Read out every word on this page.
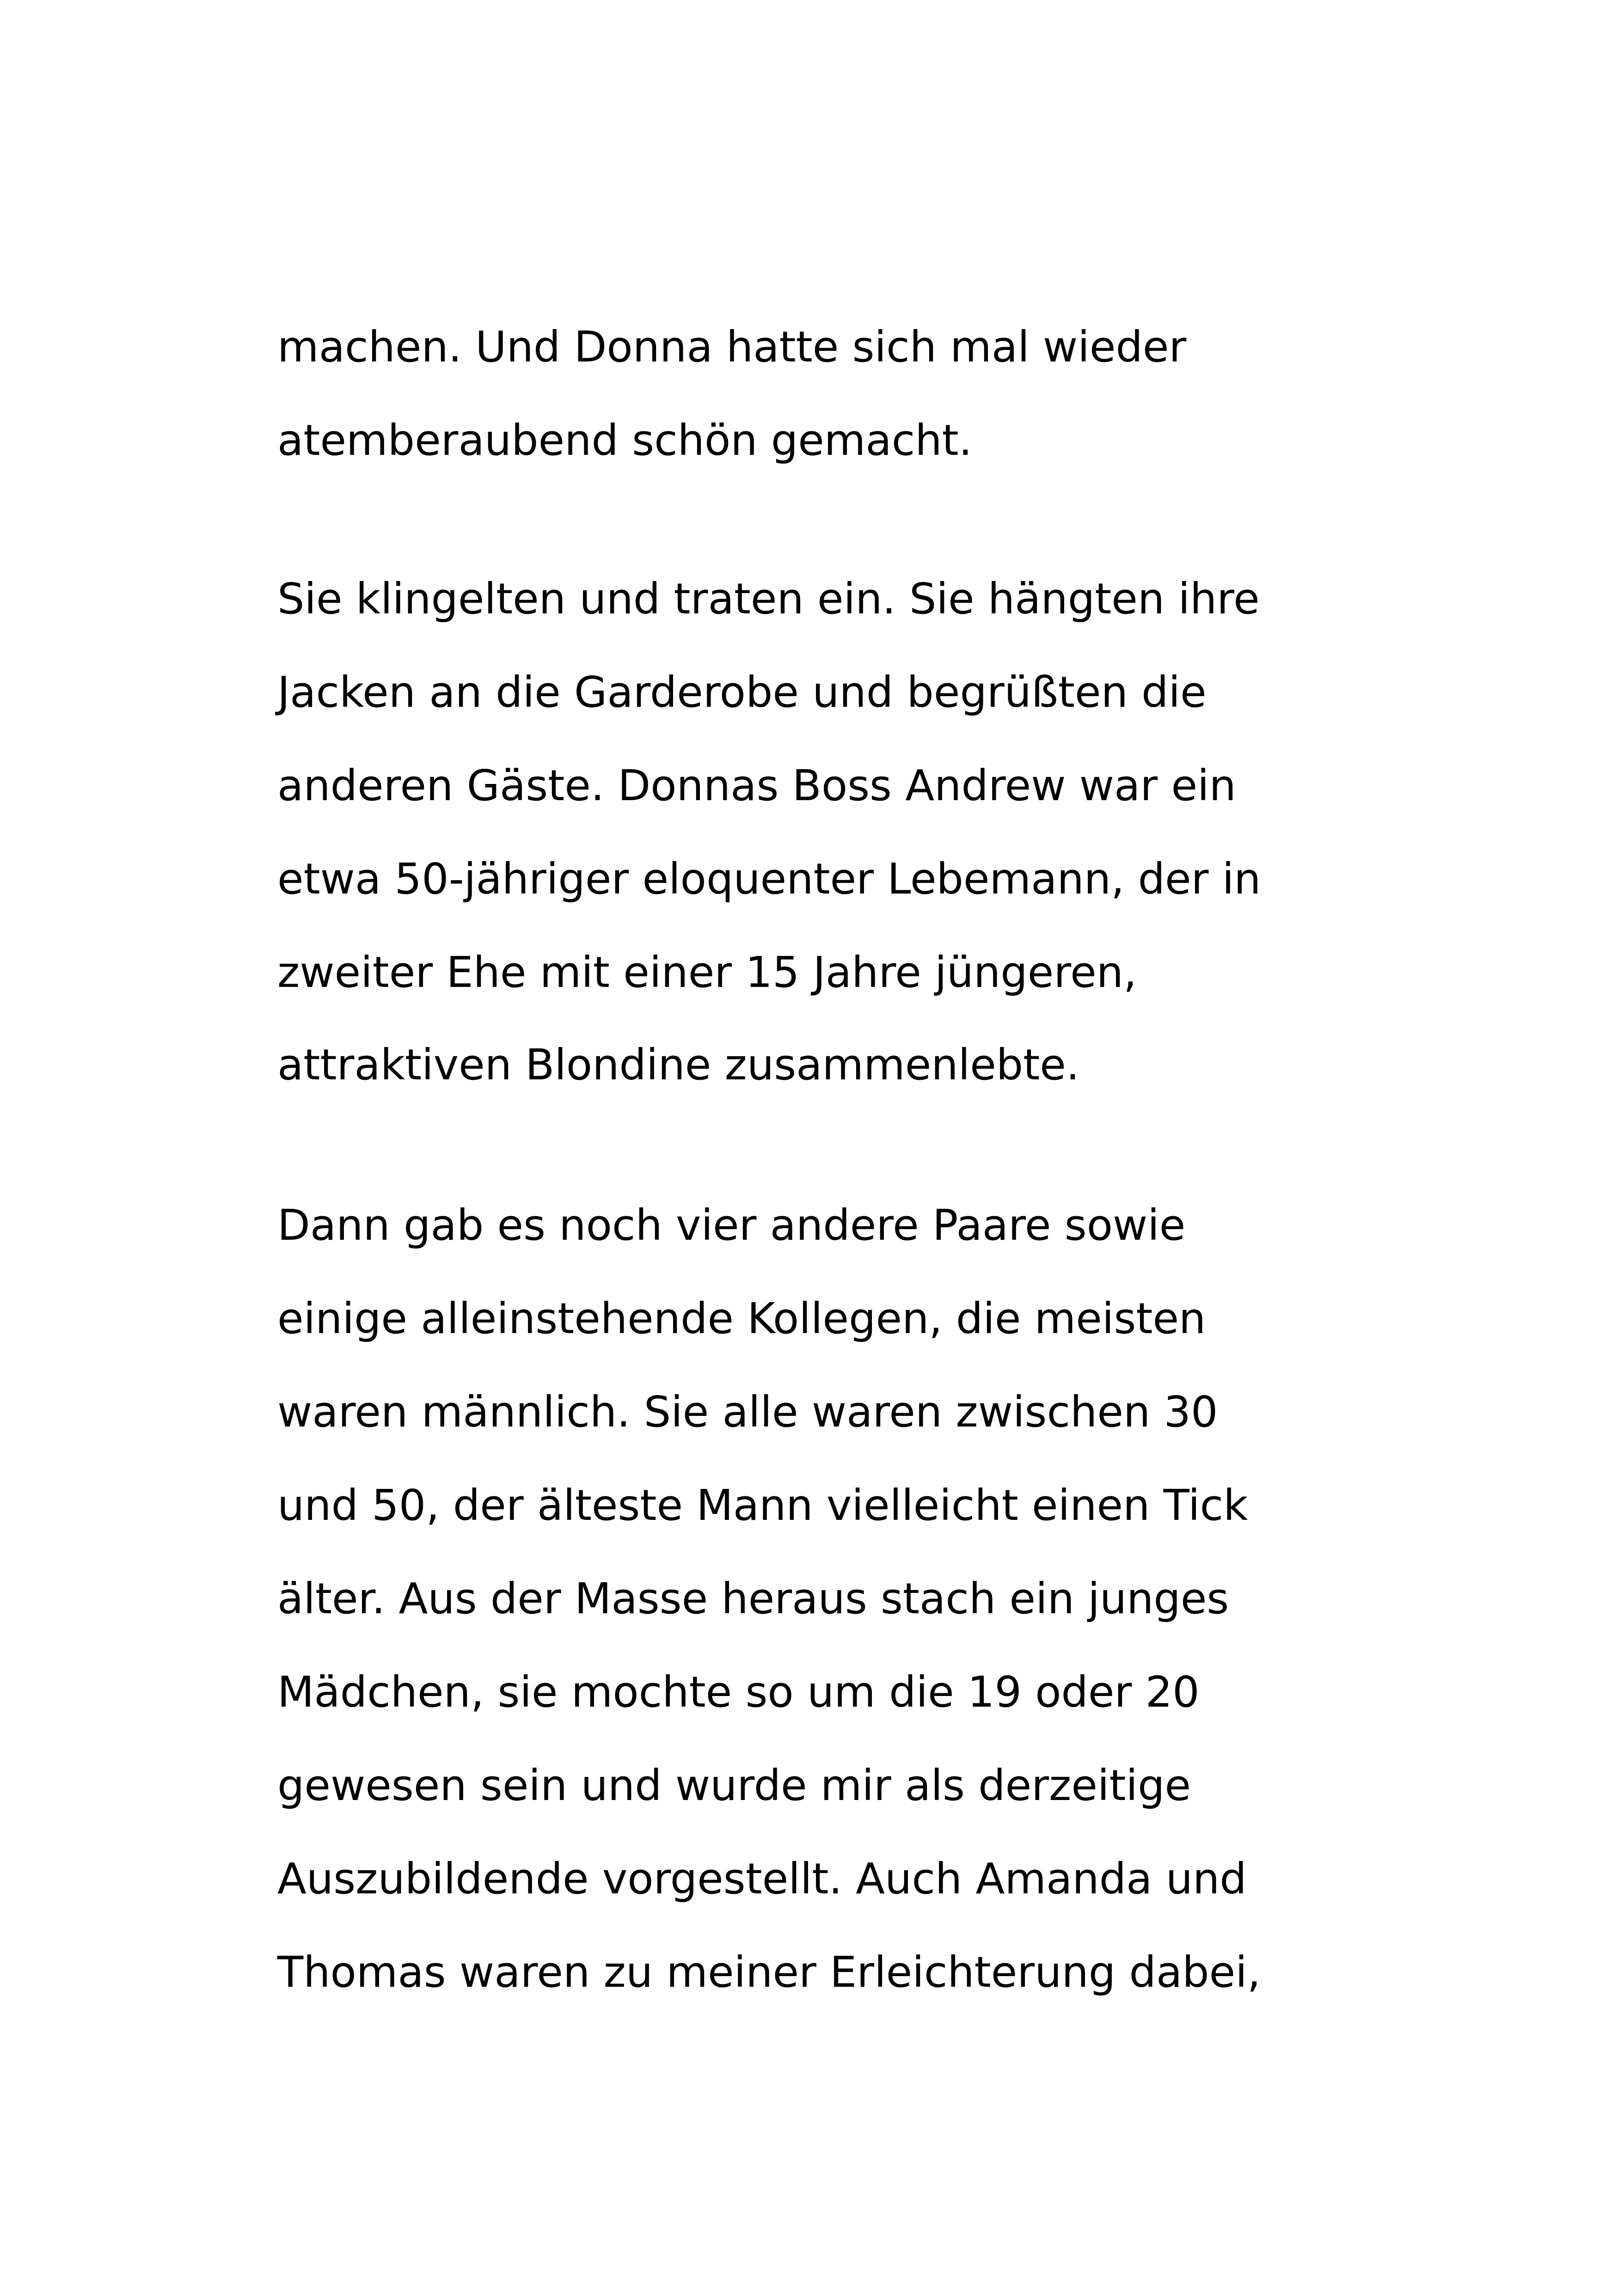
machen. Und Donna hatte sich mal wieder
atemberaubend schön gemacht.
Sie klingelten und traten ein. Sie hängten ihre
Jacken an die Garderobe und begrüßten die
anderen Gäste. Donnas Boss Andrew war ein
etwa 50-jähriger eloquenter Lebemann, der in
zweiter Ehe mit einer 15 Jahre jüngeren,
attraktiven Blondine zusammenlebte.
Dann gab es noch vier andere Paare sowie
einige alleinstehende Kollegen, die meisten
waren männlich. Sie alle waren zwischen 30
und 50, der älteste Mann vielleicht einen Tick
älter. Aus der Masse heraus stach ein junges
Mädchen, sie mochte so um die 19 oder 20
gewesen sein und wurde mir als derzeitige
Auszubildende vorgestellt. Auch Amanda und
Thomas waren zu meiner Erleichterung dabei,
